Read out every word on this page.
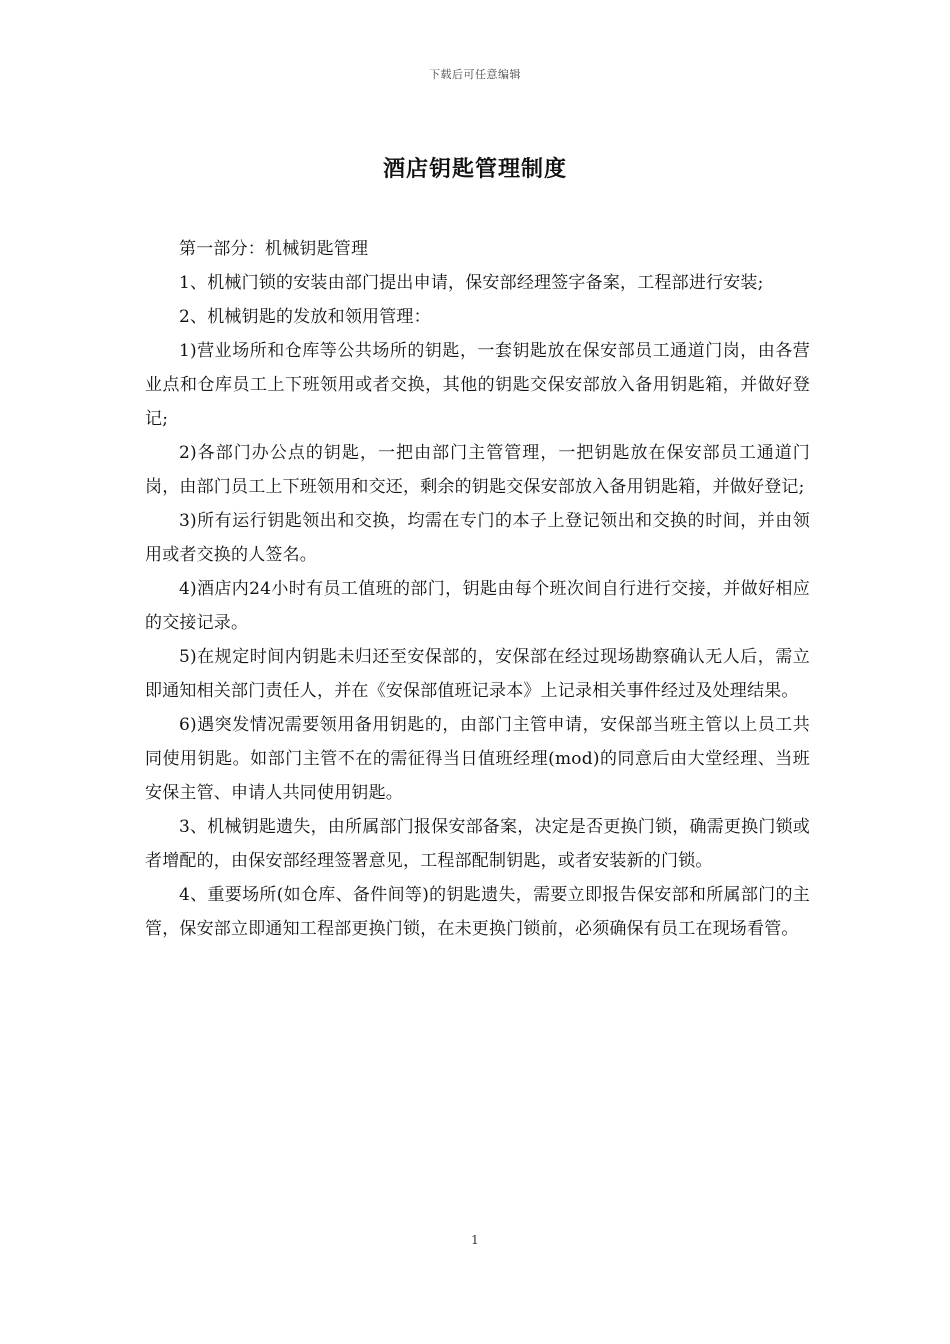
下载后可任意编辑
酒店钥匙管理制度

第一部分：机械钥匙管理

1、机械门锁的安装由部门提出申请，保安部经理签字备案，工程部进行安装;

2、机械钥匙的发放和领用管理：

1)营业场所和仓库等公共场所的钥匙，一套钥匙放在保安部员工通道门岗，由各营业点和仓库员工上下班领用或者交换，其他的钥匙交保安部放入备用钥匙箱，并做好登记;

2)各部门办公点的钥匙，一把由部门主管管理，一把钥匙放在保安部员工通道门岗，由部门员工上下班领用和交还，剩余的钥匙交保安部放入备用钥匙箱，并做好登记;

3)所有运行钥匙领出和交换，均需在专门的本子上登记领出和交换的时间，并由领用或者交换的人签名。

4)酒店内24小时有员工值班的部门，钥匙由每个班次间自行进行交接，并做好相应的交接记录。

5)在规定时间内钥匙未归还至安保部的，安保部在经过现场勘察确认无人后，需立即通知相关部门责任人，并在《安保部值班记录本》上记录相关事件经过及处理结果。

6)遇突发情况需要领用备用钥匙的，由部门主管申请，安保部当班主管以上员工共同使用钥匙。如部门主管不在的需征得当日值班经理(mod)的同意后由大堂经理、当班安保主管、申请人共同使用钥匙。

3、机械钥匙遗失，由所属部门报保安部备案，决定是否更换门锁，确需更换门锁或者增配的，由保安部经理签署意见，工程部配制钥匙，或者安装新的门锁。

4、重要场所(如仓库、备件间等)的钥匙遗失，需要立即报告保安部和所属部门的主管，保安部立即通知工程部更换门锁，在未更换门锁前，必须确保有员工在现场看管。

1
